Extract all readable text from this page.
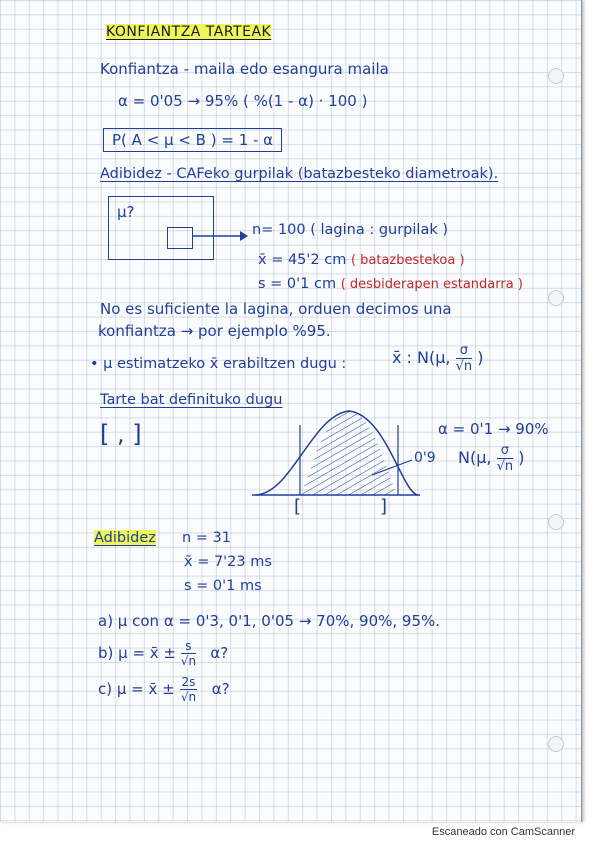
KONFIANTZA TARTEAK
Konfiantza - maila edo esangura maila
α = 0'05 → 95% ( %(1 - α) · 100 )
P( A < μ < B ) = 1 - α
Adibidez - CAFeko gurpilak (batazbesteko diametroak).
μ?
n= 100 ( lagina : gurpilak )
x̄ = 45'2 cm ( batazbestekoa )
s = 0'1 cm ( desbiderapen estandarra )
No es suficiente la lagina, orduen decimos una
konfiantza → por ejemplo %95.
• μ estimatzeko x̄ erabiltzen dugu :	x̄ : N(μ, $\frac{\sigma}{√n}$ )
Tarte bat definituko dugu
[ , ]
[	]
0'9
α = 0'1 → 90%
N(μ, $\frac{\sigma}{√n}$ )
Adibidez n = 31
x̄ = 7'23 ms
s = 0'1 ms
a) μ con α = 0'3, 0'1, 0'05 → 70%, 90%, 95%.
b) μ = x̄ ± $\frac{s}{√n} \alpha$?
c) μ = x̄ ± $\frac{2s}{√n} \alpha$?
Escaneado con CamScanner
